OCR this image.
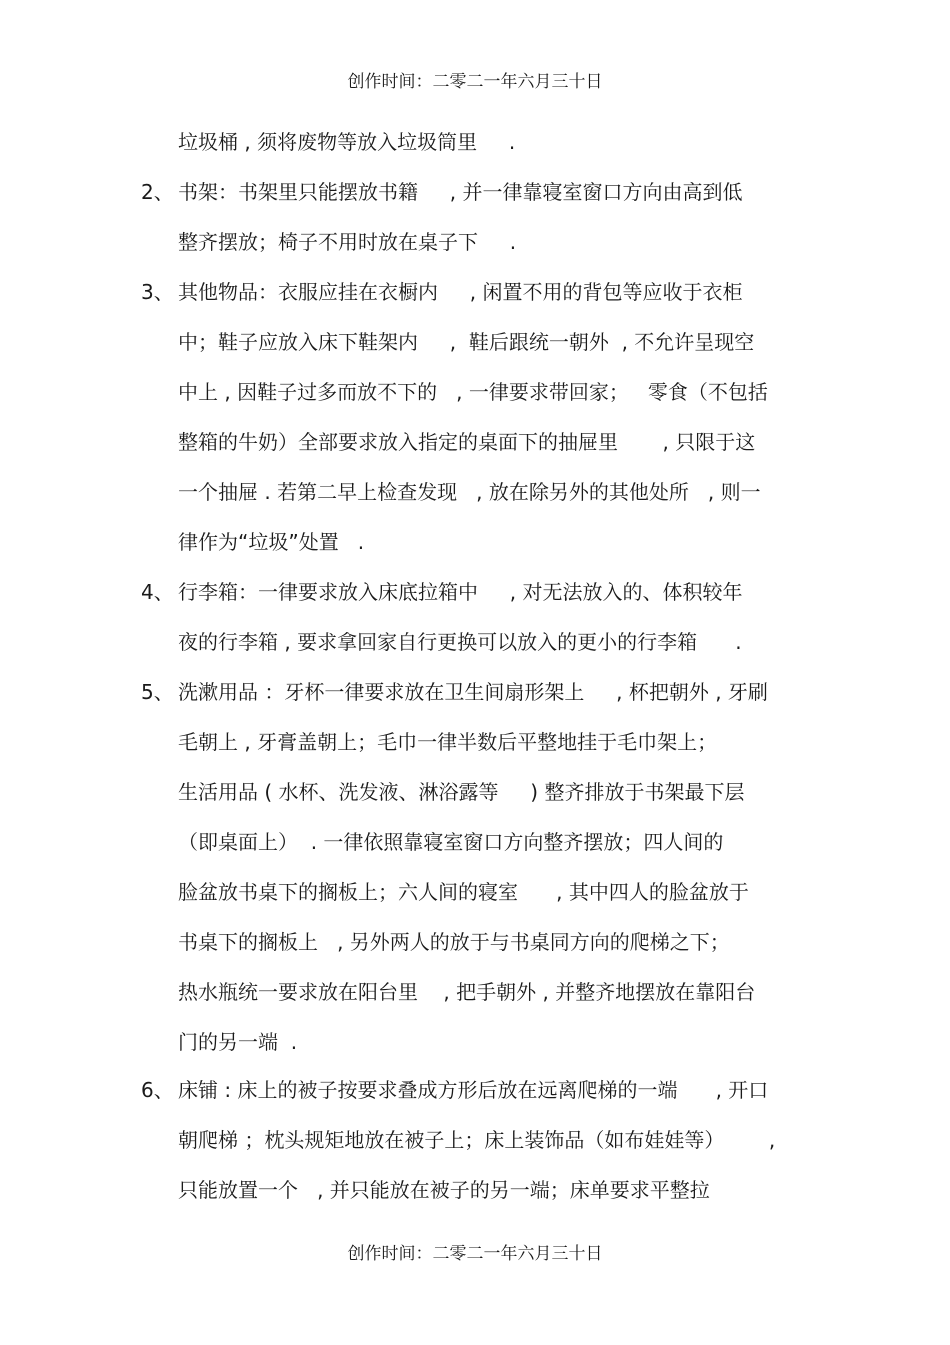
创作时间：二零二一年六月三十日
垃圾桶 , 须将废物等放入垃圾筒里     .
2、 书架：书架里只能摆放书籍     , 并一律靠寝室窗口方向由高到低
整齐摆放；椅子不用时放在桌子下     .
3、 其他物品：衣服应挂在衣橱内     , 闲置不用的背包等应收于衣柜
中；鞋子应放入床下鞋架内     ,  鞋后跟统一朝外  , 不允许呈现空
中上 , 因鞋子过多而放不下的   , 一律要求带回家；   零食（不包括
整箱的牛奶）全部要求放入指定的桌面下的抽屉里       , 只限于这
一个抽屉 . 若第二早上检查发现   , 放在除另外的其他处所   , 则一
律作为“垃圾”处置   .
4、 行李箱：一律要求放入床底拉箱中     , 对无法放入的、体积较年
夜的行李箱 , 要求拿回家自行更换可以放入的更小的行李箱      .
5、 洗漱用品 ：牙杯一律要求放在卫生间扇形架上     , 杯把朝外 , 牙刷
毛朝上 , 牙膏盖朝上；毛巾一律半数后平整地挂于毛巾架上；
生活用品 ( 水杯、洗发液、淋浴露等     ) 整齐排放于书架最下层
（即桌面上）  . 一律依照靠寝室窗口方向整齐摆放；四人间的
脸盆放书桌下的搁板上；六人间的寝室      , 其中四人的脸盆放于
书桌下的搁板上   , 另外两人的放于与书桌同方向的爬梯之下；
热水瓶统一要求放在阳台里    , 把手朝外 , 并整齐地摆放在靠阳台
门的另一端  .
6、 床铺 : 床上的被子按要求叠成方形后放在远离爬梯的一端      , 开口
朝爬梯 ；枕头规矩地放在被子上；床上装饰品（如布娃娃等）       ,
只能放置一个   , 并只能放在被子的另一端；床单要求平整拉
创作时间：二零二一年六月三十日
